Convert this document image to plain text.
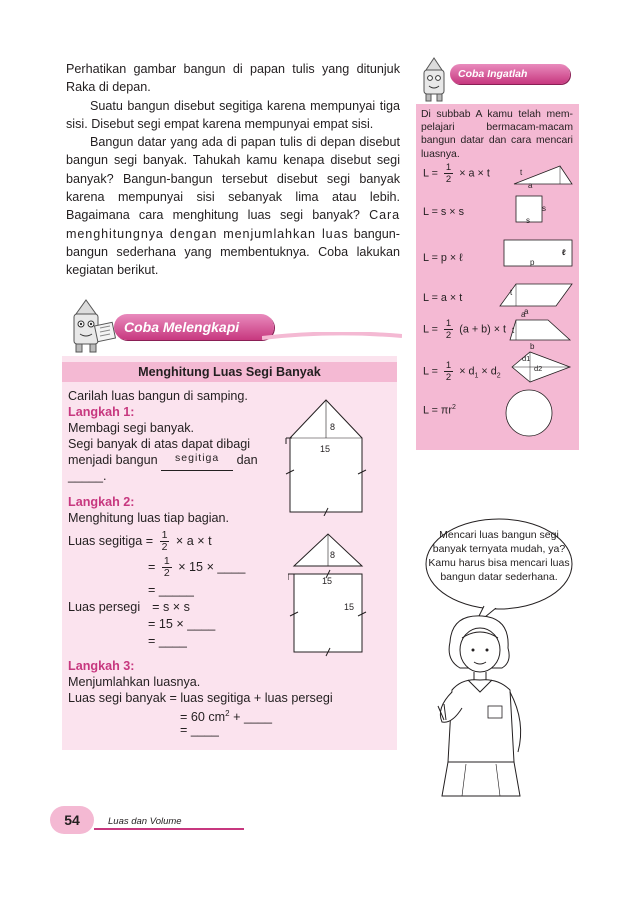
Perhatikan gambar bangun di papan tulis yang ditunjuk Raka di depan.

Suatu bangun disebut segitiga karena mempunyai tiga sisi. Disebut segi empat karena mempunyai empat sisi.

Bangun datar yang ada di papan tulis di depan disebut bangun segi banyak. Tahukah kamu kenapa disebut segi banyak? Bangun-bangun tersebut disebut segi banyak karena mempunyai sisi sebanyak lima atau lebih. Bagaimana cara menghitung luas segi banyak? Cara menghitungnya dengan menjumlahkan luas bangun-bangun sederhana yang membentuknya. Coba lakukan kegiatan berikut.

Coba Melengkapi
Menghitung Luas Segi Banyak
Carilah luas bangun di samping.
Langkah 1:
Membagi segi banyak.
Segi banyak di atas dapat dibagi
menjadi bangun $^{segitiga}$ dan
_____.
Langkah 2:
Menghitung luas tiap bagian.
Luas segitiga = $\frac{1}{2} \times a \times t$
= $\frac{1}{2} \times 15$ × ____
= _____
Luas persegi = s × s
= 15 × ____
= ____
Langkah 3:
Menjumlahkan luasnya.
Luas segi banyak = luas segitiga + luas persegi
= 60 $cm^2$ + ____
= ____
8
15
8
15
15
Coba Ingatlah
Di subbab A kamu telah mem-pelajari bermacam-macam bangun datar dan cara mencari luasnya.
$L = \frac{1}{2} \times a \times t$	t
a
L = s × s	s
s
L = p × ℓ	p
ℓ
L = a × t	t
a
$L = \frac{1}{2} (a + b) \times t$
a
t
b
$L = \frac{1}{2} \times d_1 \times d_2$
d1
d2
$L = \pi r^2$
Mencari luas bangun segi banyak ternyata mudah, ya? Kamu harus bisa mencari luas bangun datar sederhana.
54	Luas dan Volume
